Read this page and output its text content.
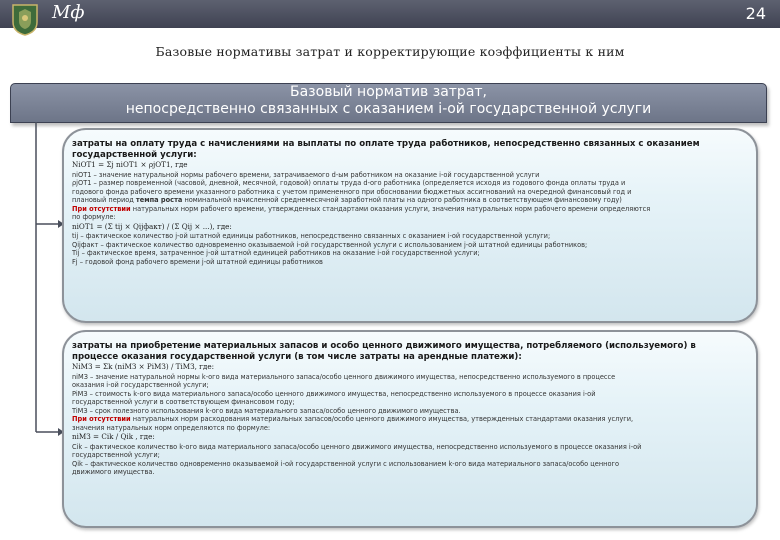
Мф	24
Базовые нормативы затрат и корректирующие коэффициенты к ним
Базовый норматив затрат,
непосредственно связанных с оказанием i-ой государственной услуги
затраты на оплату труда с начислениями на выплаты по оплате труда работников, непосредственно связанных с оказанием государственной услуги:
NiОТ1 = Σj niОТ1 × ρjОТ1, где
niОТ1 – значение натуральной нормы рабочего времени, затрачиваемого d-ым работником на оказание i-ой государственной услуги
ρjОТ1 – размер повременной (часовой, дневной, месячной, годовой) оплаты труда d-ого работника (определяется исходя из годового фонда оплаты труда и
годового фонда рабочего времени указанного работника с учетом примененного при обосновании бюджетных ассигнований на очередной финансовый год и
плановый период темпа роста номинальной начисленной среднемесячной заработной платы на одного работника в соответствующем финансовому году)
При отсутствии натуральных норм рабочего времени, утвержденных стандартами оказания услуги, значения натуральных норм рабочего времени определяются
по формуле:
niОТ1 = (Σ tij × Qijфакт) / (Σ Qij × ...), где:
tij – фактическое количество j-ой штатной единицы работников, непосредственно связанных с оказанием i-ой государственной услуги;
Qijфакт – фактическое количество одновременно оказываемой i-ой государственной услуги с использованием j-ой штатной единицы работников;
Tij – фактическое время, затраченное j-ой штатной единицей работников на оказание i-ой государственной услуги;
Fj – годовой фонд рабочего времени j-ой штатной единицы работников
затраты на приобретение материальных запасов и особо ценного движимого имущества, потребляемого (используемого) в процессе оказания государственной услуги (в том числе затраты на арендные платежи):
NiМЗ = Σk (niМЗ × PiМЗ) / TiМЗ, где:
niМЗ – значение натуральной нормы k-ого вида материального запаса/особо ценного движимого имущества, непосредственно используемого в процессе
оказания i-ой государственной услуги;
PiМЗ – стоимость k-ого вида материального запаса/особо ценного движимого имущества, непосредственно используемого в процессе оказания i-ой
государственной услуги в соответствующем финансовом году;
TiМЗ – срок полезного использования k-ого вида материального запаса/особо ценного движимого имущества.
При отсутствии натуральных норм расходования материальных запасов/особо ценного движимого имущества, утвержденных стандартами оказания услуги,
значения натуральных норм определяются по формуле:
niМЗ = Cik / Qik , где:
Cik – фактическое количество k-ого вида материального запаса/особо ценного движимого имущества, непосредственно используемого в процессе оказания i-ой
государственной услуги;
Qik – фактическое количество одновременно оказываемой i-ой государственной услуги с использованием k-ого вида материального запаса/особо ценного
движимого имущества.
